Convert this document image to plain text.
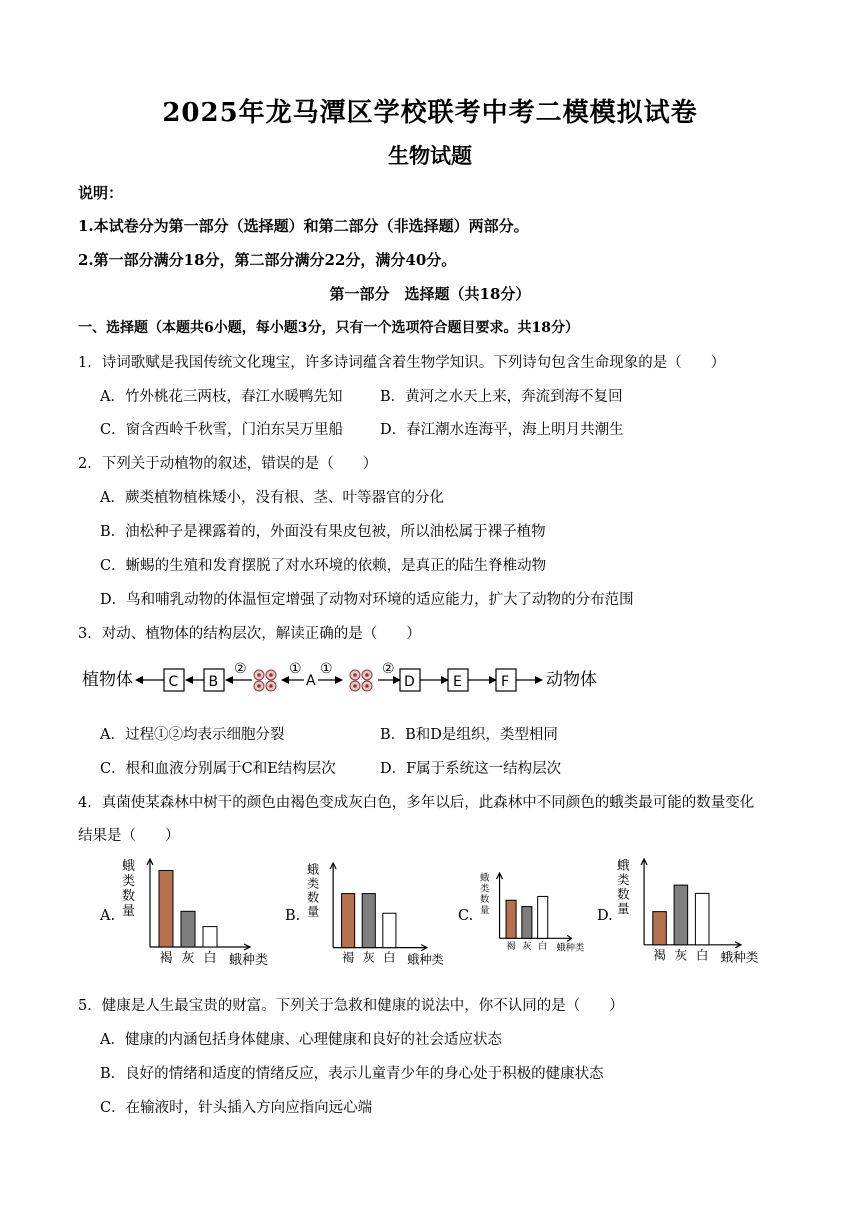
2025年龙马潭区学校联考中考二模模拟试卷
生物试题
说明：
1.本试卷分为第一部分（选择题）和第二部分（非选择题）两部分。
2.第一部分满分18分，第二部分满分22分，满分40分。
第一部分　选择题（共18分）
一、选择题（本题共6小题，每小题3分，只有一个选项符合题目要求。共18分）
1．诗词歌赋是我国传统文化瑰宝，许多诗词蕴含着生物学知识。下列诗句包含生命现象的是（　　）
A．竹外桃花三两枝，春江水暖鸭先知	B．黄河之水天上来，奔流到海不复回
C．窗含西岭千秋雪，门泊东吴万里船	D．春江潮水连海平，海上明月共潮生
2．下列关于动植物的叙述，错误的是（　　）
A．蕨类植物植株矮小，没有根、茎、叶等器官的分化
B．油松种子是裸露着的，外面没有果皮包被，所以油松属于裸子植物
C．蜥蜴的生殖和发育摆脱了对水环境的依赖，是真正的陆生脊椎动物
D．鸟和哺乳动物的体温恒定增强了动物对环境的适应能力，扩大了动物的分布范围
3．对动、植物体的结构层次，解读正确的是（　　）
植物体	C B
②	①
A
①	②
D	E	F 动物体
A．过程①②均表示细胞分裂	B．B和D是组织，类型相同
C．根和血液分别属于C和E结构层次	D．F属于系统这一结构层次
4．真菌使某森林中树干的颜色由褐色变成灰白色，多年以后，此森林中不同颜色的蛾类最可能的数量变化
结果是（　　）
A.	B.	C.	D.
蛾
类
数
量
褐 灰 白 蛾种类
蛾
类
数
量
褐 灰 白 蛾种类
蛾
类
数
量
褐 灰 白 蛾种类
蛾
类
数
量
褐 灰 白 蛾种类
5．健康是人生最宝贵的财富。下列关于急救和健康的说法中，你不认同的是（　　）
A．健康的内涵包括身体健康、心理健康和良好的社会适应状态
B．良好的情绪和适度的情绪反应，表示儿童青少年的身心处于积极的健康状态
C．在输液时，针头插入方向应指向远心端
